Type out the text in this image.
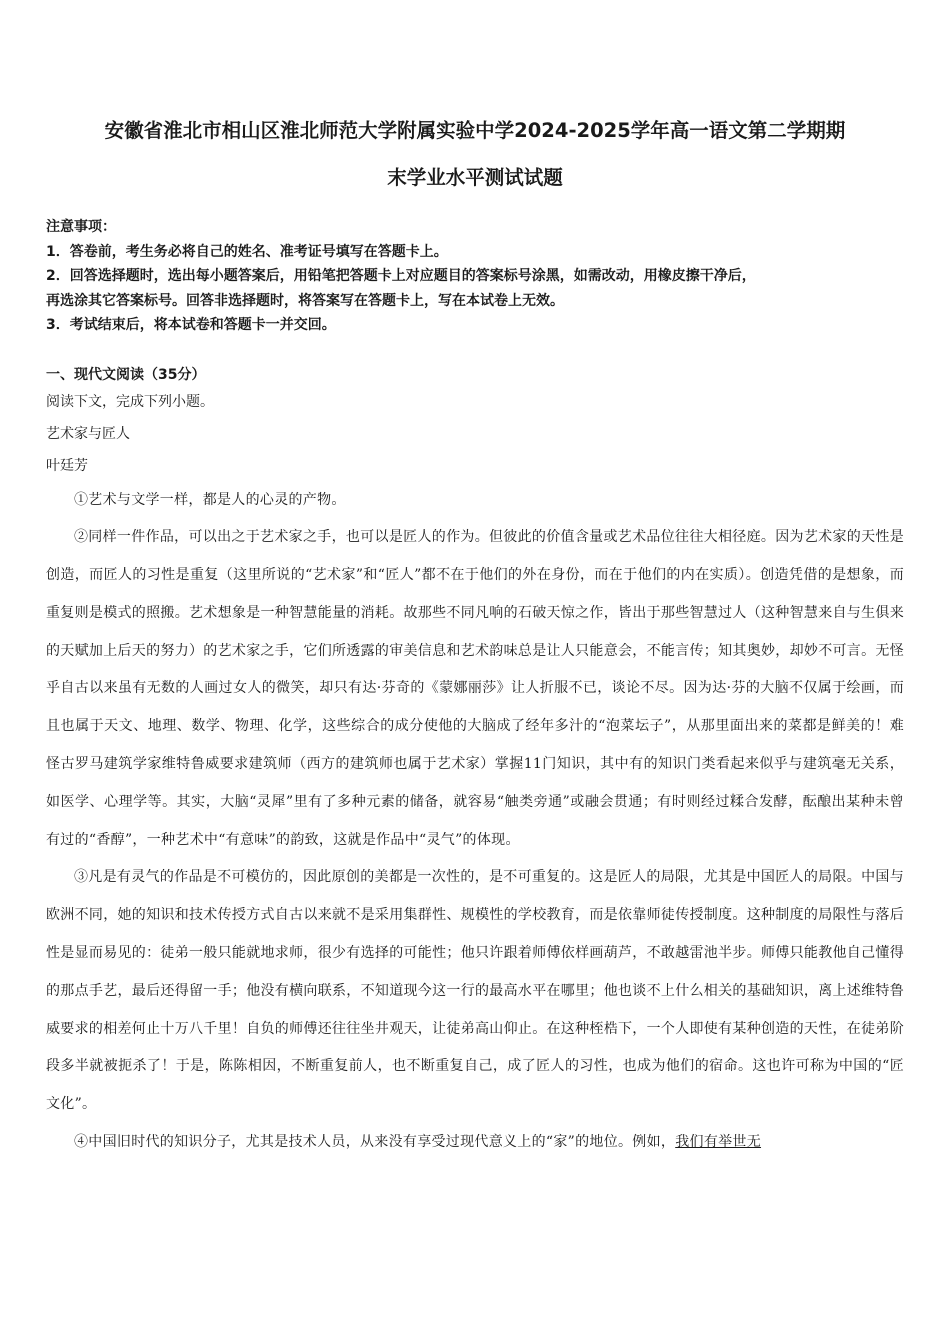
安徽省淮北市相山区淮北师范大学附属实验中学2024-2025学年高一语文第二学期期
末学业水平测试试题
注意事项：
1．答卷前，考生务必将自己的姓名、准考证号填写在答题卡上。
2．回答选择题时，选出每小题答案后，用铅笔把答题卡上对应题目的答案标号涂黑，如需改动，用橡皮擦干净后，
再选涂其它答案标号。回答非选择题时，将答案写在答题卡上，写在本试卷上无效。
3．考试结束后，将本试卷和答题卡一并交回。
一、现代文阅读（35分）
阅读下文，完成下列小题。
艺术家与匠人
叶廷芳

①艺术与文学一样，都是人的心灵的产物。

②同样一件作品，可以出之于艺术家之手，也可以是匠人的作为。但彼此的价值含量或艺术品位往往大相径庭。因为艺术家的天性是创造，而匠人的习性是重复（这里所说的“艺术家”和“匠人”都不在于他们的外在身份，而在于他们的内在实质）。创造凭借的是想象，而重复则是模式的照搬。艺术想象是一种智慧能量的消耗。故那些不同凡响的石破天惊之作，皆出于那些智慧过人（这种智慧来自与生俱来的天赋加上后天的努力）的艺术家之手，它们所透露的审美信息和艺术韵味总是让人只能意会，不能言传；知其奥妙，却妙不可言。无怪乎自古以来虽有无数的人画过女人的微笑，却只有达·芬奇的《蒙娜丽莎》让人折服不已，谈论不尽。因为达·芬的大脑不仅属于绘画，而且也属于天文、地理、数学、物理、化学，这些综合的成分使他的大脑成了经年多汁的“泡菜坛子”，从那里面出来的菜都是鲜美的！难怪古罗马建筑学家维特鲁威要求建筑师（西方的建筑师也属于艺术家）掌握11门知识，其中有的知识门类看起来似乎与建筑毫无关系，如医学、心理学等。其实，大脑“灵犀”里有了多种元素的储备，就容易“触类旁通”或融会贯通；有时则经过糅合发酵，酝酿出某种未曾有过的“香醇”，一种艺术中“有意味”的韵致，这就是作品中“灵气”的体现。

③凡是有灵气的作品是不可模仿的，因此原创的美都是一次性的，是不可重复的。这是匠人的局限，尤其是中国匠人的局限。中国与欧洲不同，她的知识和技术传授方式自古以来就不是采用集群性、规模性的学校教育，而是依靠师徒传授制度。这种制度的局限性与落后性是显而易见的：徒弟一般只能就地求师，很少有选择的可能性；他只许跟着师傅依样画葫芦，不敢越雷池半步。师傅只能教他自己懂得的那点手艺，最后还得留一手；他没有横向联系，不知道现今这一行的最高水平在哪里；他也谈不上什么相关的基础知识，离上述维特鲁威要求的相差何止十万八千里！自负的师傅还往往坐井观天，让徒弟高山仰止。在这种桎梏下，一个人即使有某种创造的天性，在徒弟阶段多半就被扼杀了！于是，陈陈相因，不断重复前人，也不断重复自己，成了匠人的习性，也成为他们的宿命。这也许可称为中国的“匠文化”。

④中国旧时代的知识分子，尤其是技术人员，从来没有享受过现代意义上的“家”的地位。例如，我们有举世无
